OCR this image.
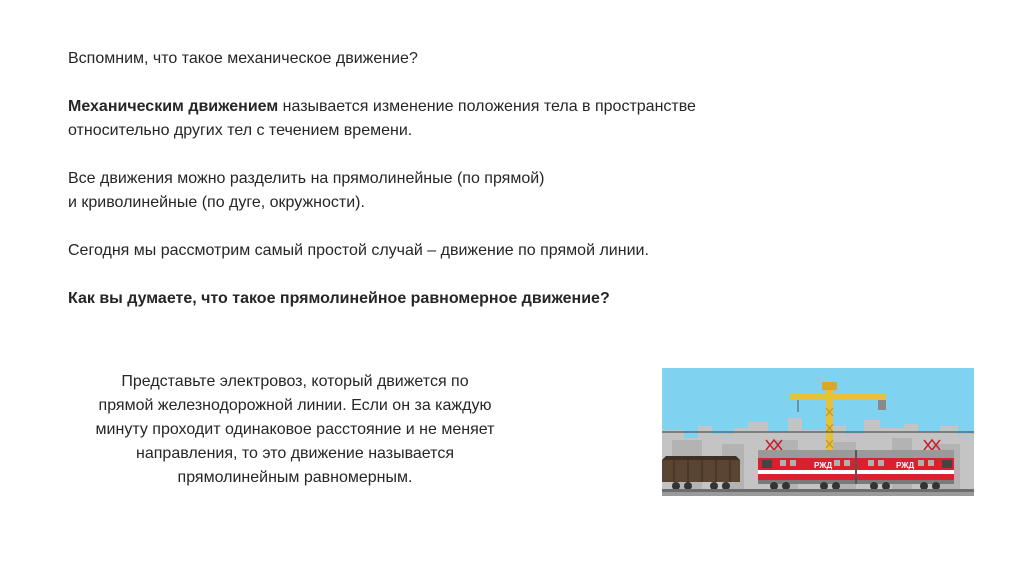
Вспомним, что такое механическое движение?

Механическим движением называется изменение положения тела в пространстве
относительно других тел с течением времени.

Все движения можно разделить на прямолинейные (по прямой)
и криволинейные (по дуге, окружности).

Сегодня мы рассмотрим самый простой случай – движение по прямой линии.

Как вы думаете, что такое прямолинейное равномерное движение?

Представьте электровоз, который движется по
прямой железнодорожной линии. Если он за каждую
минуту проходит одинаковое расстояние и не меняет
направления, то это движение называется
прямолинейным равномерным.
РЖД	РЖД
